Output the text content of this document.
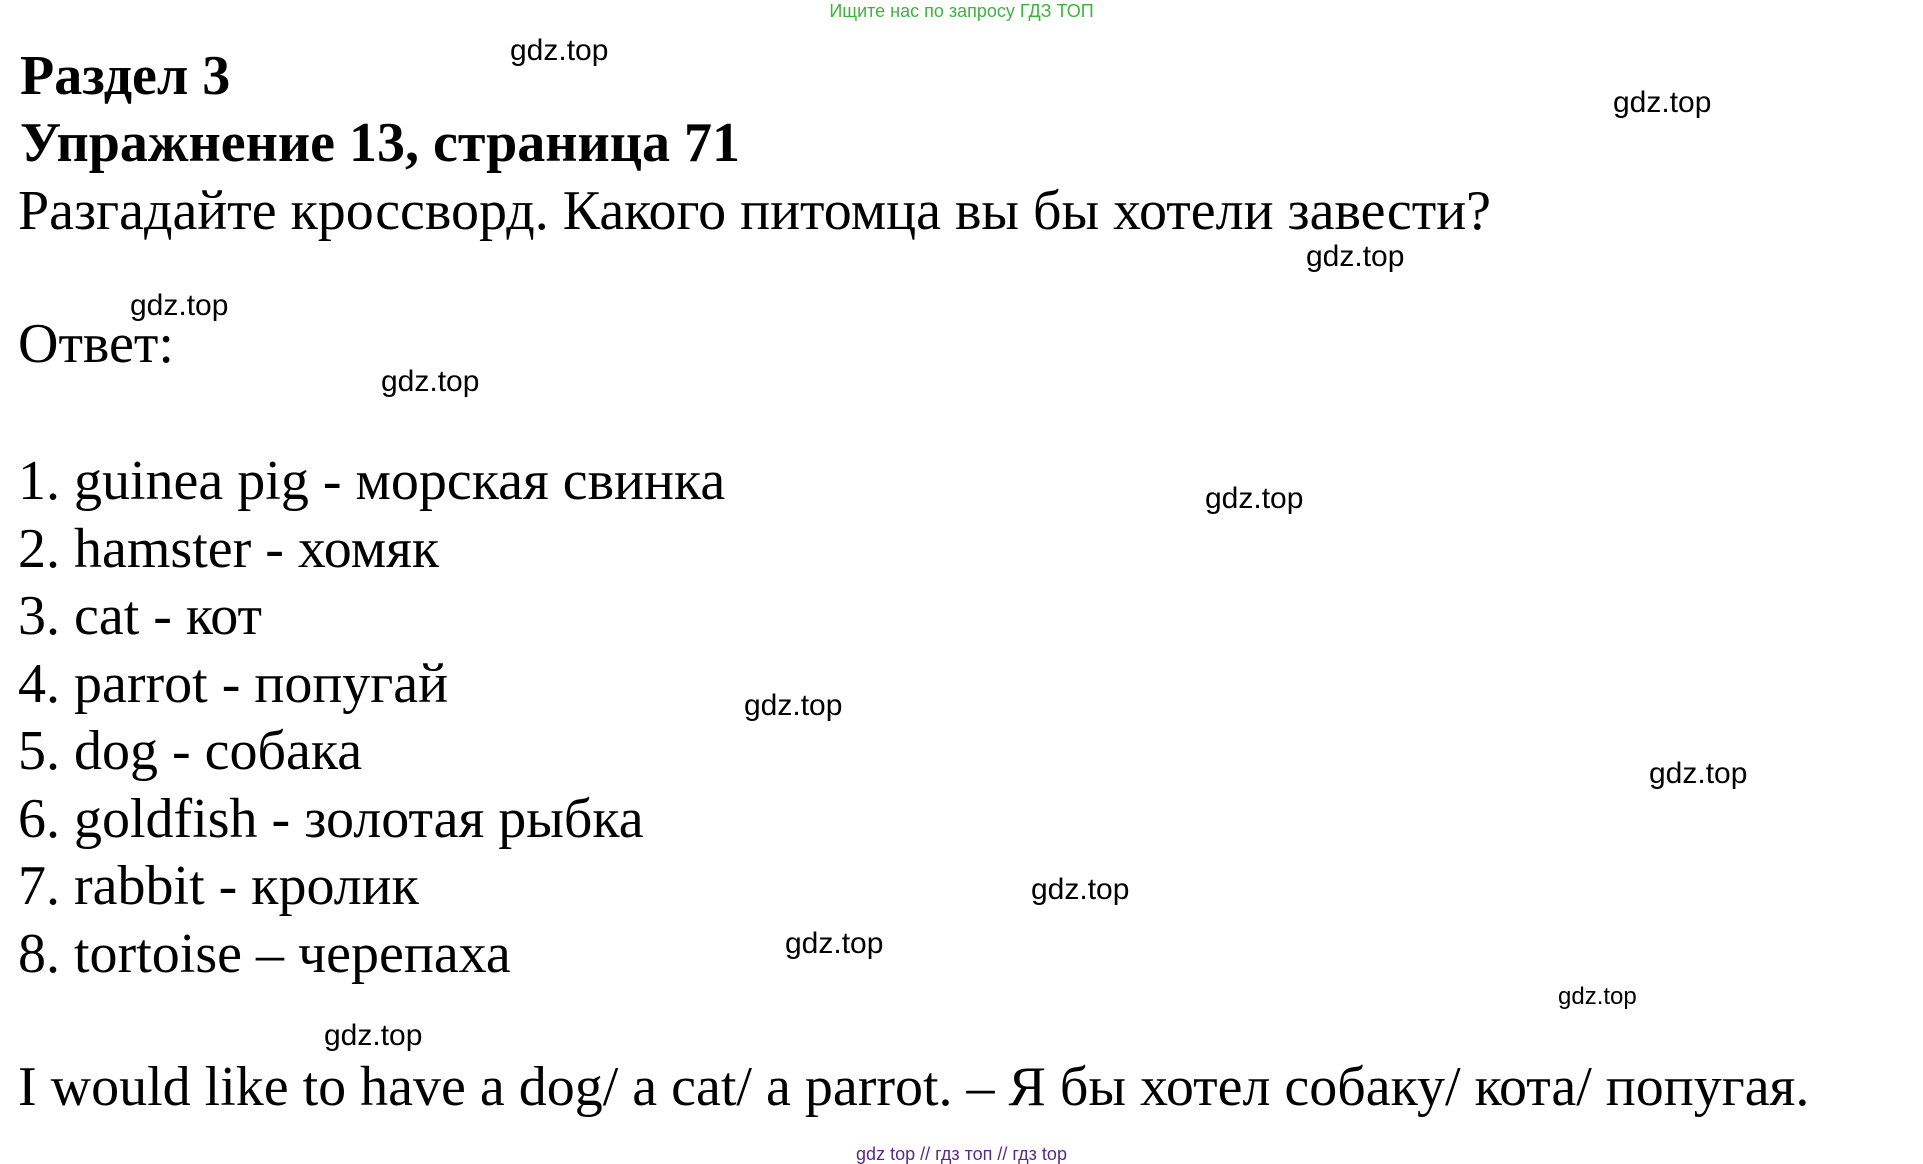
Ищите нас по запросу ГДЗ ТОП
Раздел 3
Упражнение 13, страница 71
Разгадайте кроссворд. Какого питомца вы бы хотели завести?
Ответ:
1. guinea pig - морская свинка
2. hamster - хомяк
3. cat - кот
4. parrot - попугай
5. dog - собака
6. goldfish - золотая рыбка
7. rabbit - кролик
8. tortoise – черепаха
I would like to have a dog/ a cat/ a parrot. – Я бы хотел собаку/ кота/ попугая.
gdz.top
gdz.top
gdz.top
gdz.top
gdz.top
gdz.top
gdz.top
gdz.top
gdz.top
gdz.top
gdz.top
gdz.top
gdz top // гдз топ // гдз top
